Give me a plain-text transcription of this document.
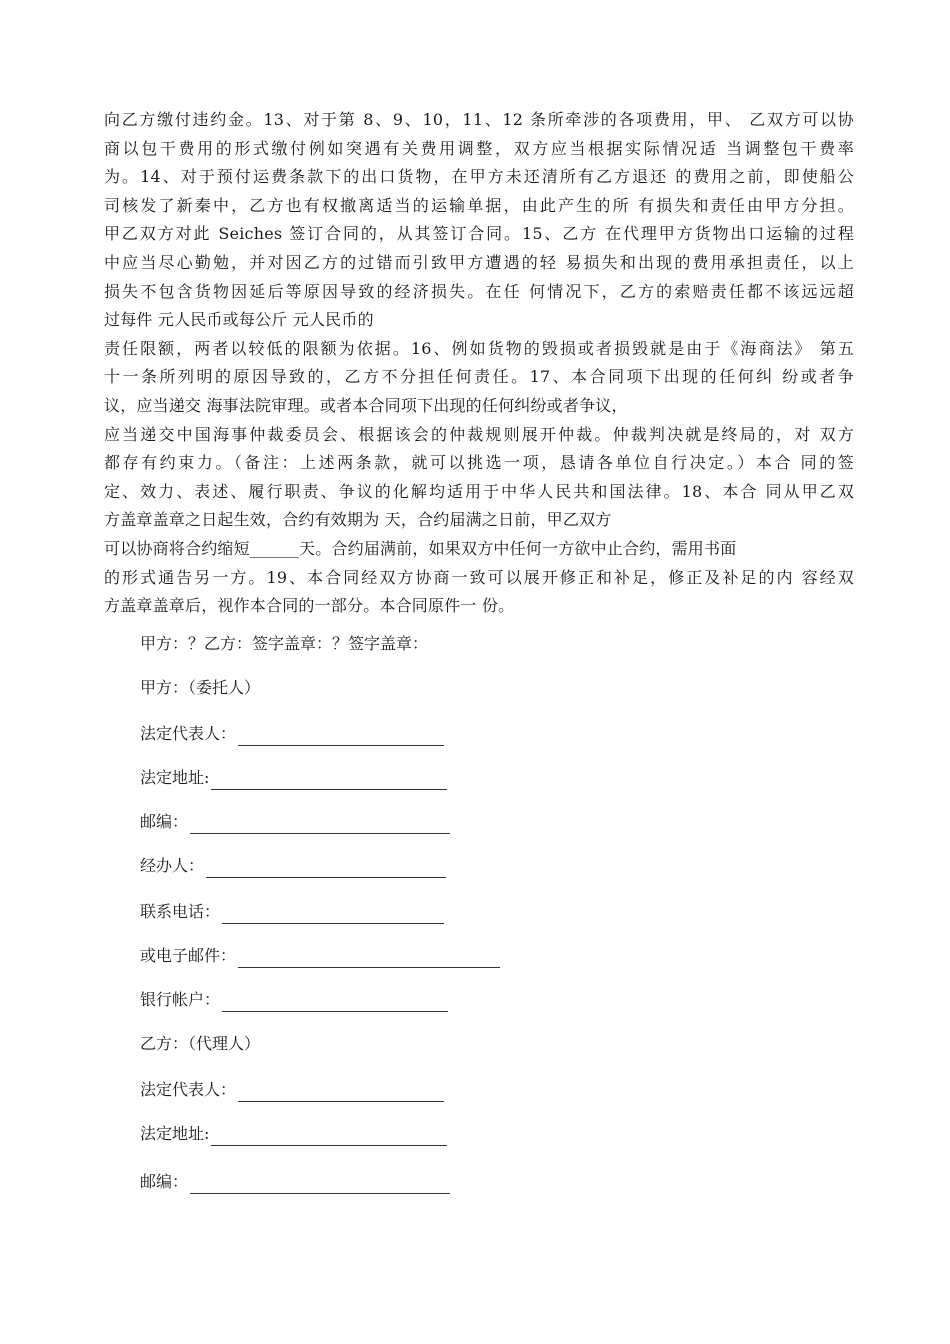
向乙方缴付违约金。13、对于第 8、9、10，11、12 条所牵涉的各项费用，甲、 乙双方可以协
商以包干费用的形式缴付例如突遇有关费用调整，双方应当根据实际情况适 当调整包干费率
为。14、对于预付运费条款下的出口货物，在甲方未还清所有乙方退还 的费用之前，即使船公
司核发了新秦中，乙方也有权撤离适当的运输单据，由此产生的所 有损失和责任由甲方分担。
甲乙双方对此 Seiches 签订合同的，从其签订合同。15、乙方 在代理甲方货物出口运输的过程
中应当尽心勤勉，并对因乙方的过错而引致甲方遭遇的轻 易损失和出现的费用承担责任，以上
损失不包含货物因延后等原因导致的经济损失。在任 何情况下，乙方的索赔责任都不该远远超
过每件 元人民币或每公斤 元人民币的
责任限额，两者以较低的限额为依据。16、例如货物的毁损或者损毁就是由于《海商法》 第五
十一条所列明的原因导致的，乙方不分担任何责任。17、本合同项下出现的任何纠 纷或者争
议，应当递交 海事法院审理。或者本合同项下出现的任何纠纷或者争议，
应当递交中国海事仲裁委员会、根据该会的仲裁规则展开仲裁。仲裁判决就是终局的，对 双方
都存有约束力。（备注：上述两条款，就可以挑选一项，恳请各单位自行决定。）本合 同的签
定、效力、表述、履行职责、争议的化解均适用于中华人民共和国法律。18、本合 同从甲乙双
方盖章盖章之日起生效，合约有效期为 天，合约届满之日前，甲乙双方
可以协商将合约缩短______天。合约届满前，如果双方中任何一方欲中止合约，需用书面
的形式通告另一方。19、本合同经双方协商一致可以展开修正和补足，修正及补足的内 容经双
方盖章盖章后，视作本合同的一部分。本合同原件一 份。
甲方：？乙方：签字盖章：？签字盖章：
甲方：（委托人）
法定代表人：
法定地址:
邮编：
经办人：
联系电话：
或电子邮件：
银行帐户：
乙方：（代理人）
法定代表人：
法定地址:
邮编：
